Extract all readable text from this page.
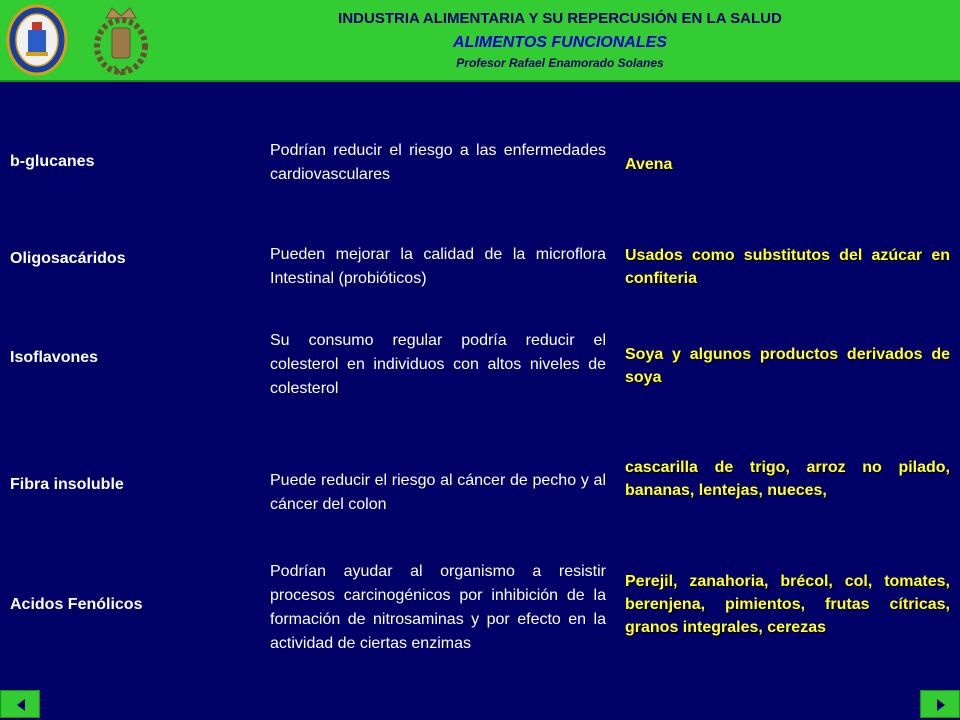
INDUSTRIA ALIMENTARIA Y SU REPERCUSIÓN EN LA SALUD
ALIMENTOS FUNCIONALES
Profesor Rafael Enamorado Solanes
b-glucanes
Podrían reducir el riesgo a las enfermedades cardiovasculares
Avena
Oligosacáridos	Pueden mejorar la calidad de la microflora Intestinal (probióticos)
Usados como substitutos del azúcar en confiteria
Isoflavones
Su consumo regular podría reducir el colesterol en individuos con altos niveles de colesterol
Soya y algunos productos derivados de soya
Fibra insoluble	Puede reducir el riesgo al cáncer de pecho y al cáncer del colon
cascarilla de trigo, arroz no pilado, bananas, lentejas, nueces,
Acidos Fenólicos
Podrían ayudar al organismo a resistir procesos carcinogénicos por inhibición de la formación de nitrosaminas y por efecto en la actividad de ciertas enzimas
Perejil, zanahoria, brécol, col, tomates, berenjena, pimientos, frutas cítricas, granos integrales, cerezas
